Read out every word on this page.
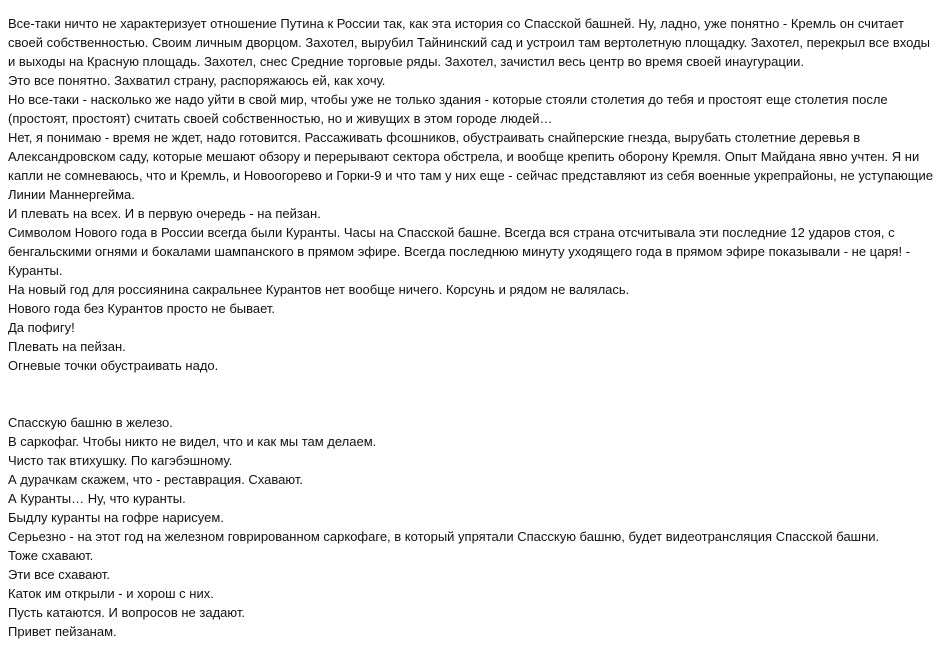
Все-таки ничто не характеризует отношение Путина к России так, как эта история со Спасской башней. Ну, ладно, уже понятно - Кремль он считает своей собственностью. Своим личным дворцом. Захотел, вырубил Тайнинский сад и устроил там вертолетную площадку. Захотел, перекрыл все входы и выходы на Красную площадь. Захотел, снес Средние торговые ряды. Захотел, зачистил весь центр во время своей инаугурации.

Это все понятно. Захватил страну, распоряжаюсь ей, как хочу.

Но все-таки - насколько же надо уйти в свой мир, чтобы уже не только здания - которые стояли столетия до тебя и простоят еще столетия после (простоят, простоят) считать своей собственностью, но и живущих в этом городе людей…

Нет, я понимаю - время не ждет, надо готовится. Рассаживать фсошников, обустраивать снайперские гнезда, вырубать столетние деревья в Александровском саду, которые мешают обзору и перерывают сектора обстрела, и вообще крепить оборону Кремля. Опыт Майдана явно учтен. Я ни капли не сомневаюсь, что и Кремль, и Новоогорево и Горки-9 и что там у них еще - сейчас представляют из себя военные укрепрайоны, не уступающие Линии Маннергейма.

И плевать на всех. И в первую очередь - на пейзан.

Символом Нового года в России всегда были Куранты. Часы на Спасской башне. Всегда вся страна отсчитывала эти последние 12 ударов стоя, с бенгальскими огнями и бокалами шампанского в прямом эфире. Всегда последнюю минуту уходящего года в прямом эфире показывали - не царя! - Куранты.

На новый год для россиянина сакральнее Курантов нет вообще ничего. Корсунь и рядом не валялась.

Нового года без Курантов просто не бывает.

Да пофигу!

Плевать на пейзан.

Огневые точки обустраивать надо.

Спасскую башню в железо.

В саркофаг. Чтобы никто не видел, что и как мы там делаем.

Чисто так втихушку. По кагэбэшному.

А дурачкам скажем, что - реставрация. Схавают.

А Куранты… Ну, что куранты.

Быдлу куранты на гофре нарисуем.

Серьезно - на этот год на железном говрированном саркофаге, в который упрятали Спасскую башню, будет видеотрансляция Спасской башни.

Тоже схавают.

Эти все схавают.

Каток им открыли - и хорош с них.

Пусть катаются. И вопросов не задают.

Привет пейзанам.
